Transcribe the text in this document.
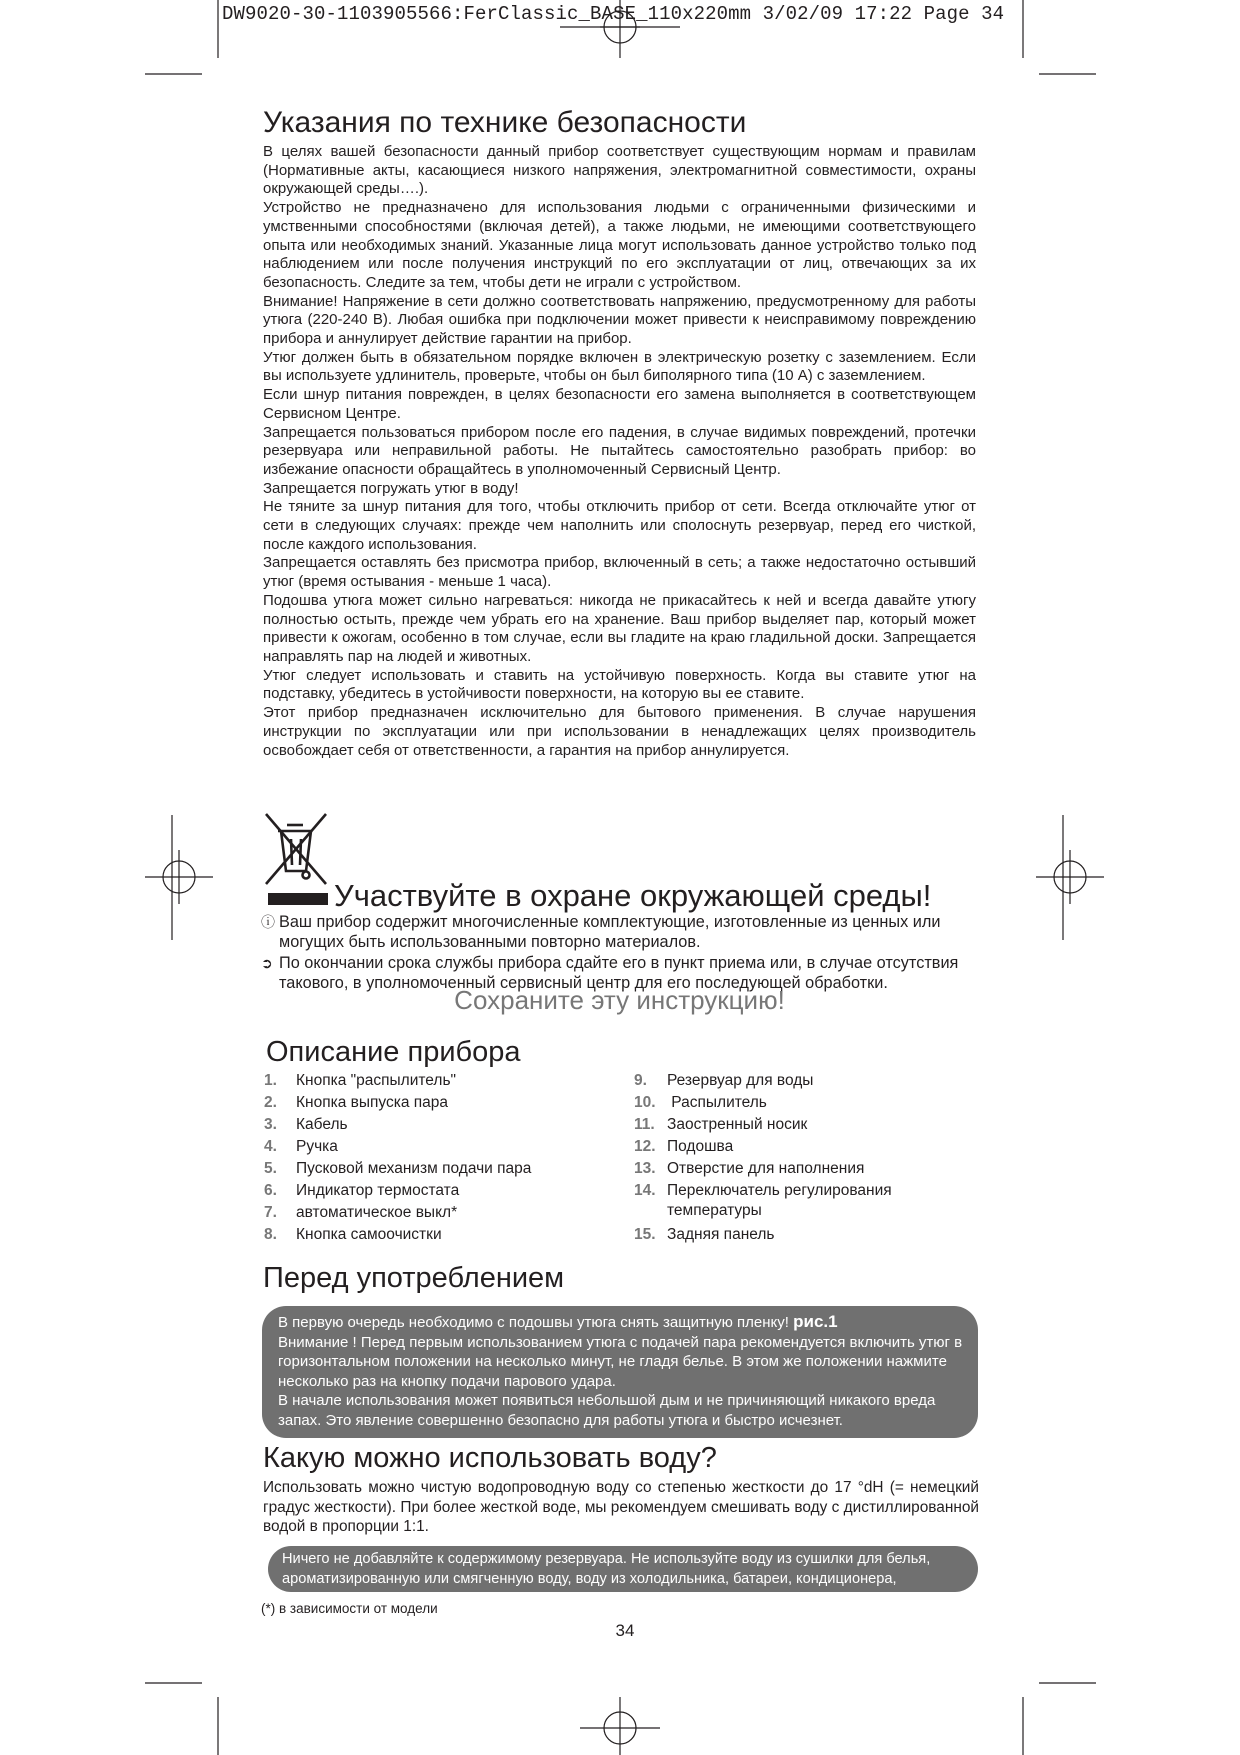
DW9020-30-1103905566:FerClassic_BASE_110x220mm 3/02/09 17:22 Page 34
Указания по технике безопасности

В целях вашей безопасности данный прибор соответствует существующим нормам и правилам (Нормативные акты, касающиеся низкого напряжения, электромагнитной совместимости, охраны окружающей среды….).

Устройство не предназначено для использования людьми с ограниченными физическими и умственными способностями (включая детей), а также людьми, не имеющими соответствующего опыта или необходимых знаний. Указанные лица могут использовать данное устройство только под наблюдением или после получения инструкций по его эксплуатации от лиц, отвечающих за их безопасность. Следите за тем, чтобы дети не играли с устройством.

Внимание! Напряжение в сети должно соответствовать напряжению, предусмотренному для работы утюга (220-240 В). Любая ошибка при подключении может привести к неисправимому повреждению прибора и аннулирует действие гарантии на прибор.

Утюг должен быть в обязательном порядке включен в электрическую розетку с заземлением. Если вы используете удлинитель, проверьте, чтобы он был биполярного типа (10 А) с заземлением.

Если шнур питания поврежден, в целях безопасности его замена выполняется в соответствующем Сервисном Центре.

Запрещается пользоваться прибором после его падения, в случае видимых повреждений, протечки резервуара или неправильной работы. Не пытайтесь самостоятельно разобрать прибор: во избежание опасности обращайтесь в уполномоченный Сервисный Центр.

Запрещается погружать утюг в воду!

Не тяните за шнур питания для того, чтобы отключить прибор от сети. Всегда отключайте утюг от сети в следующих случаях: прежде чем наполнить или сполоснуть резервуар, перед его чисткой, после каждого использования.

Запрещается оставлять без присмотра прибор, включенный в сеть; а также недостаточно остывший утюг (время остывания - меньше 1 часа).

Подошва утюга может сильно нагреваться: никогда не прикасайтесь к ней и всегда давайте утюгу полностью остыть, прежде чем убрать его на хранение. Ваш прибор выделяет пар, который может привести к ожогам, особенно в том случае, если вы гладите на краю гладильной доски. Запрещается направлять пар на людей и животных.

Утюг следует использовать и ставить на устойчивую поверхность. Когда вы ставите утюг на подставку, убедитесь в устойчивости поверхности, на которую вы ее ставите.

Этот прибор предназначен исключительно для бытового применения. В случае нарушения инструкции по эксплуатации или при использовании в ненадлежащих целях производитель освобождает себя от ответственности, а гарантия на прибор аннулируется.

Участвуйте в охране окружающей среды!
ⓘ Ваш прибор содержит многочисленные комплектующие, изготовленные из ценных или могущих быть использованными повторно материалов.
➲ По окончании срока службы прибора сдайте его в пункт приема или, в случае отсутствия такового, в уполномоченный сервисный центр для его последующей обработки.
Сохраните эту инструкцию!
Описание прибора
1.	Кнопка "распылитель"
2.	Кнопка выпуска пара
3.	Кабель
4.	Ручка
5.	Пусковой механизм подачи пара
6.	Индикатор термостата
7.	автоматическое выкл*
8.	Кнопка самоочистки
9.	Резервуар для воды
10. Распылитель
11. Заостренный носик
12. Подошва
13. Отверстие для наполнения
14. Переключатель регулирования температуры
15. Задняя панель
Перед употреблением
В первую очередь необходимо с подошвы утюга снять защитную пленку! рис.1
Внимание ! Перед первым использованием утюга с подачей пара рекомендуется включить утюг в горизонтальном положении на несколько минут, не гладя белье. В этом же положении нажмите несколько раз на кнопку подачи парового удара.
В начале использования может появиться небольшой дым и не причиняющий никакого вреда запах. Это явление совершенно безопасно для работы утюга и быстро исчезнет.
Какую можно использовать воду?
Использовать можно чистую водопроводную воду со степенью жесткости до 17 °dH (= немецкий градус жесткости). При более жесткой воде, мы рекомендуем смешивать воду с дистиллированной водой в пропорции 1:1.
Ничего не добавляйте к содержимому резервуара. Не используйте воду из сушилки для белья, ароматизированную или смягченную воду, воду из холодильника, батареи, кондиционера,
(*) в зависимости от модели
34
